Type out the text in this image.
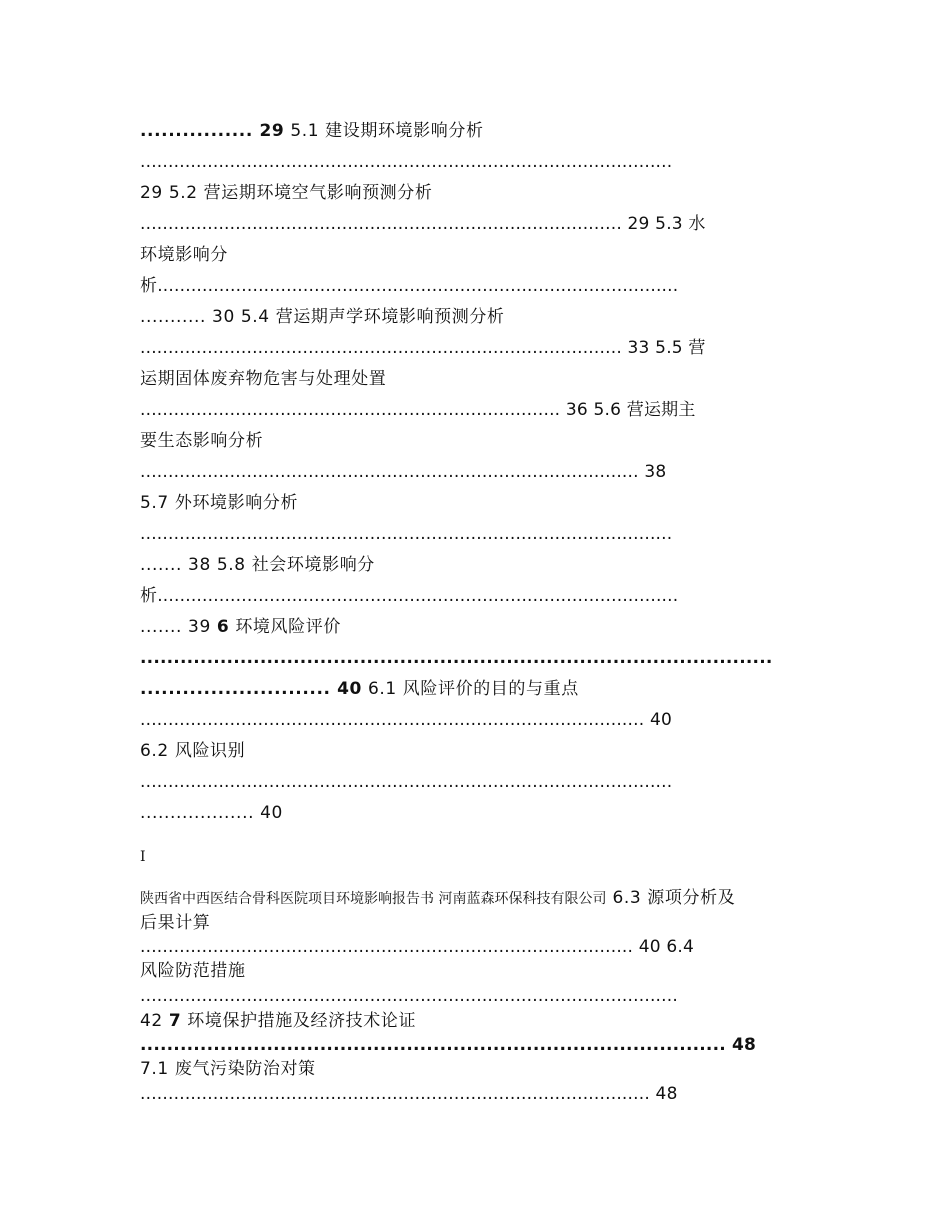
................ 29 5.1 建设期环境影响分析
...............................................................................................
29 5.2 营运期环境空气影响预测分析
...................................................................................... 29 5.3 水
环境影响分
析.............................................................................................
........... 30 5.4 营运期声学环境影响预测分析
...................................................................................... 33 5.5 营
运期固体废弃物危害与处理处置
........................................................................... 36 5.6 营运期主
要生态影响分析
......................................................................................... 38
5.7 外环境影响分析
...............................................................................................
....... 38 5.8 社会环境影响分
析.............................................................................................
....... 39 6 环境风险评价
...............................................................................................
........................... 40 6.1 风险评价的目的与重点
.......................................................................................... 40
6.2 风险识别
...............................................................................................
................... 40
I
陕西省中西医结合骨科医院项目环境影响报告书 河南蓝森环保科技有限公司 6.3 源项分析及
后果计算
........................................................................................ 40 6.4
风险防范措施
................................................................................................
42 7 环境保护措施及经济技术论证
........................................................................................ 48
7.1 废气污染防治对策
........................................................................................... 48
